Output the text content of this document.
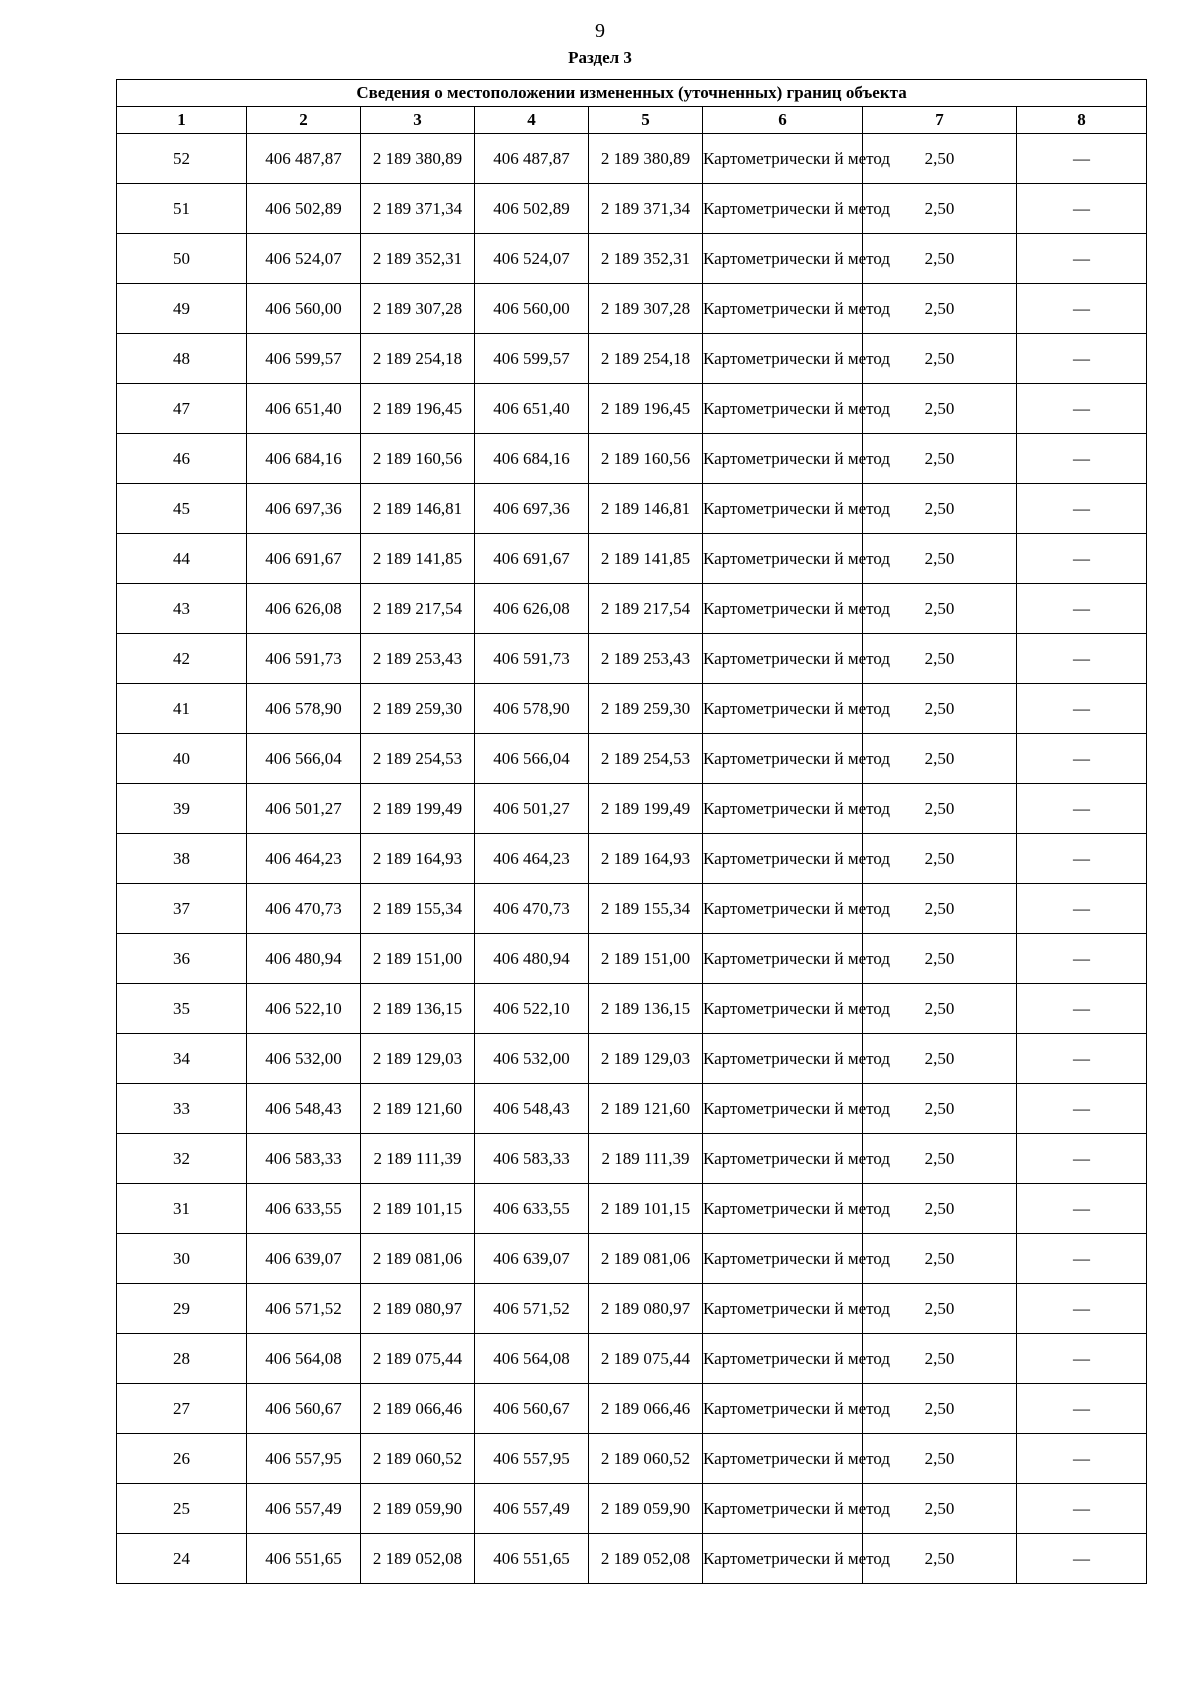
9
Раздел 3
Сведения о местоположении измененных (уточненных) границ объекта							
1	2	3	4	5	6	7	8
52	406 487,87	2 189 380,89	406 487,87	2 189 380,89	Картометрически й метод	2,50	—
51	406 502,89	2 189 371,34	406 502,89	2 189 371,34	Картометрически й метод	2,50	—
50	406 524,07	2 189 352,31	406 524,07	2 189 352,31	Картометрически й метод	2,50	—
49	406 560,00	2 189 307,28	406 560,00	2 189 307,28	Картометрически й метод	2,50	—
48	406 599,57	2 189 254,18	406 599,57	2 189 254,18	Картометрически й метод	2,50	—
47	406 651,40	2 189 196,45	406 651,40	2 189 196,45	Картометрически й метод	2,50	—
46	406 684,16	2 189 160,56	406 684,16	2 189 160,56	Картометрически й метод	2,50	—
45	406 697,36	2 189 146,81	406 697,36	2 189 146,81	Картометрически й метод	2,50	—
44	406 691,67	2 189 141,85	406 691,67	2 189 141,85	Картометрически й метод	2,50	—
43	406 626,08	2 189 217,54	406 626,08	2 189 217,54	Картометрически й метод	2,50	—
42	406 591,73	2 189 253,43	406 591,73	2 189 253,43	Картометрически й метод	2,50	—
41	406 578,90	2 189 259,30	406 578,90	2 189 259,30	Картометрически й метод	2,50	—
40	406 566,04	2 189 254,53	406 566,04	2 189 254,53	Картометрически й метод	2,50	—
39	406 501,27	2 189 199,49	406 501,27	2 189 199,49	Картометрически й метод	2,50	—
38	406 464,23	2 189 164,93	406 464,23	2 189 164,93	Картометрически й метод	2,50	—
37	406 470,73	2 189 155,34	406 470,73	2 189 155,34	Картометрически й метод	2,50	—
36	406 480,94	2 189 151,00	406 480,94	2 189 151,00	Картометрически й метод	2,50	—
35	406 522,10	2 189 136,15	406 522,10	2 189 136,15	Картометрически й метод	2,50	—
34	406 532,00	2 189 129,03	406 532,00	2 189 129,03	Картометрически й метод	2,50	—
33	406 548,43	2 189 121,60	406 548,43	2 189 121,60	Картометрически й метод	2,50	—
32	406 583,33	2 189 111,39	406 583,33	2 189 111,39	Картометрически й метод	2,50	—
31	406 633,55	2 189 101,15	406 633,55	2 189 101,15	Картометрически й метод	2,50	—
30	406 639,07	2 189 081,06	406 639,07	2 189 081,06	Картометрически й метод	2,50	—
29	406 571,52	2 189 080,97	406 571,52	2 189 080,97	Картометрически й метод	2,50	—
28	406 564,08	2 189 075,44	406 564,08	2 189 075,44	Картометрически й метод	2,50	—
27	406 560,67	2 189 066,46	406 560,67	2 189 066,46	Картометрически й метод	2,50	—
26	406 557,95	2 189 060,52	406 557,95	2 189 060,52	Картометрически й метод	2,50	—
25	406 557,49	2 189 059,90	406 557,49	2 189 059,90	Картометрически й метод	2,50	—
24	406 551,65	2 189 052,08	406 551,65	2 189 052,08	Картометрически й метод	2,50	—
